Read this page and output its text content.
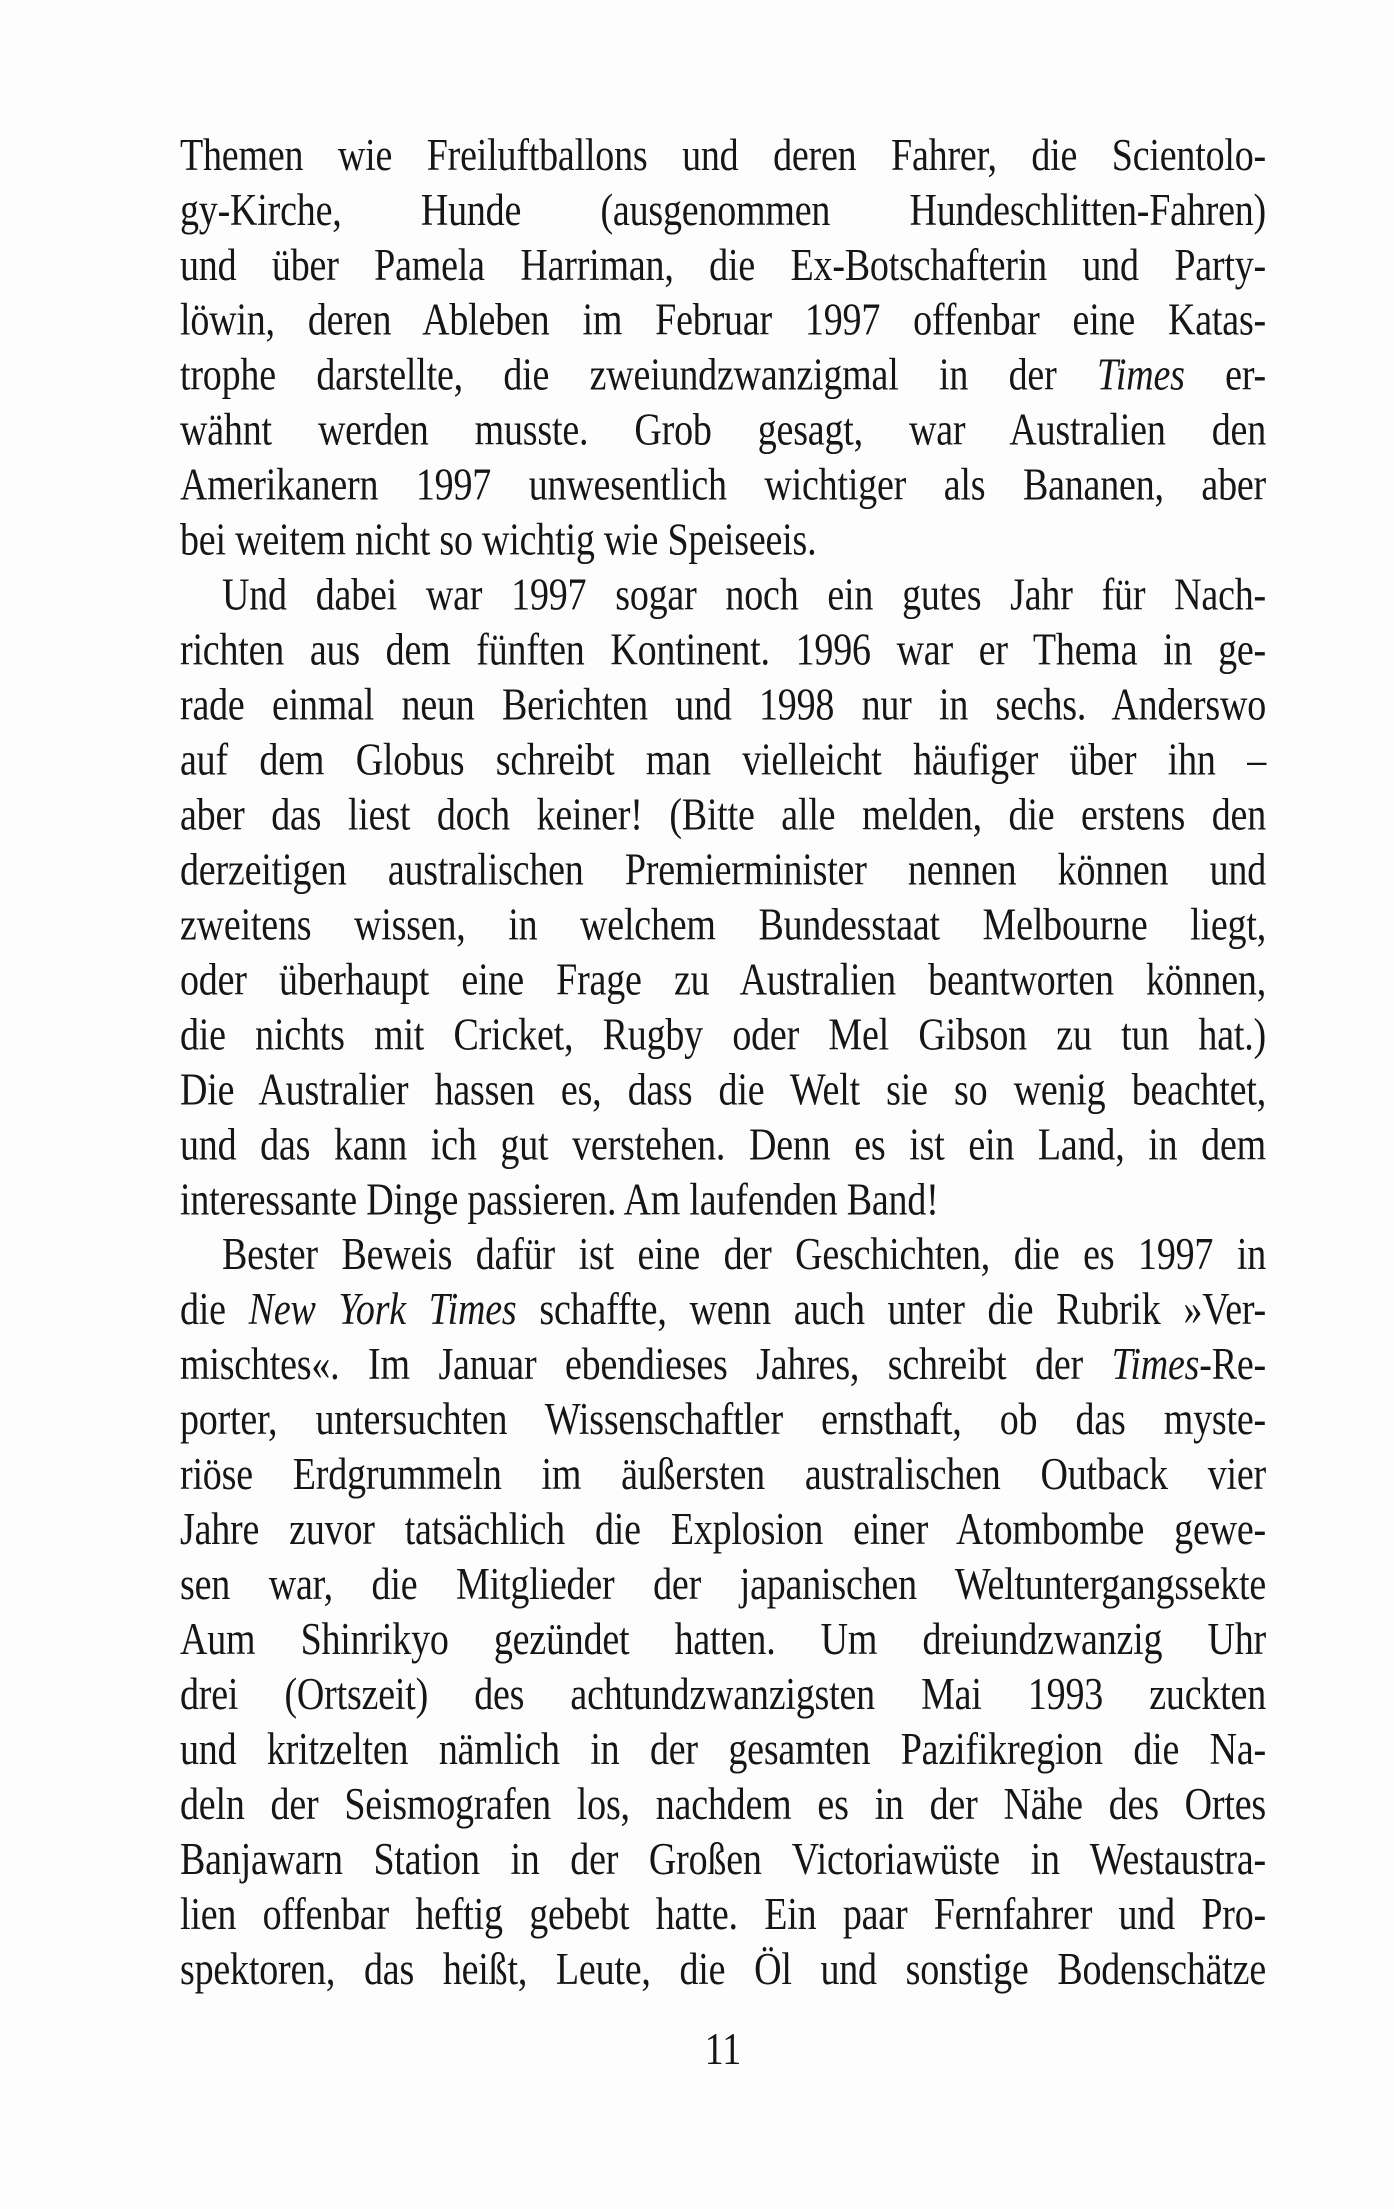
Themen wie Freiluftballons und deren Fahrer, die Scientolo-
gy-Kirche, Hunde (ausgenommen Hundeschlitten-Fahren)
und über Pamela Harriman, die Ex-Botschafterin und Party-
löwin, deren Ableben im Februar 1997 offenbar eine Katas-
trophe darstellte, die zweiundzwanzigmal in der Times er-
wähnt werden musste. Grob gesagt, war Australien den
Amerikanern 1997 unwesentlich wichtiger als Bananen, aber
bei weitem nicht so wichtig wie Speiseeis.
Und dabei war 1997 sogar noch ein gutes Jahr für Nach-
richten aus dem fünften Kontinent. 1996 war er Thema in ge-
rade einmal neun Berichten und 1998 nur in sechs. Anderswo
auf dem Globus schreibt man vielleicht häufiger über ihn –
aber das liest doch keiner! (Bitte alle melden, die erstens den
derzeitigen australischen Premierminister nennen können und
zweitens wissen, in welchem Bundesstaat Melbourne liegt,
oder überhaupt eine Frage zu Australien beantworten können,
die nichts mit Cricket, Rugby oder Mel Gibson zu tun hat.)
Die Australier hassen es, dass die Welt sie so wenig beachtet,
und das kann ich gut verstehen. Denn es ist ein Land, in dem
interessante Dinge passieren. Am laufenden Band!
Bester Beweis dafür ist eine der Geschichten, die es 1997 in
die New York Times schaffte, wenn auch unter die Rubrik »Ver-
mischtes«. Im Januar ebendieses Jahres, schreibt der Times-Re-
porter, untersuchten Wissenschaftler ernsthaft, ob das myste-
riöse Erdgrummeln im äußersten australischen Outback vier
Jahre zuvor tatsächlich die Explosion einer Atombombe gewe-
sen war, die Mitglieder der japanischen Weltuntergangssekte
Aum Shinrikyo gezündet hatten. Um dreiundzwanzig Uhr
drei (Ortszeit) des achtundzwanzigsten Mai 1993 zuckten
und kritzelten nämlich in der gesamten Pazifikregion die Na-
deln der Seismografen los, nachdem es in der Nähe des Ortes
Banjawarn Station in der Großen Victoriawüste in Westaustra-
lien offenbar heftig gebebt hatte. Ein paar Fernfahrer und Pro-
spektoren, das heißt, Leute, die Öl und sonstige Bodenschätze
11
